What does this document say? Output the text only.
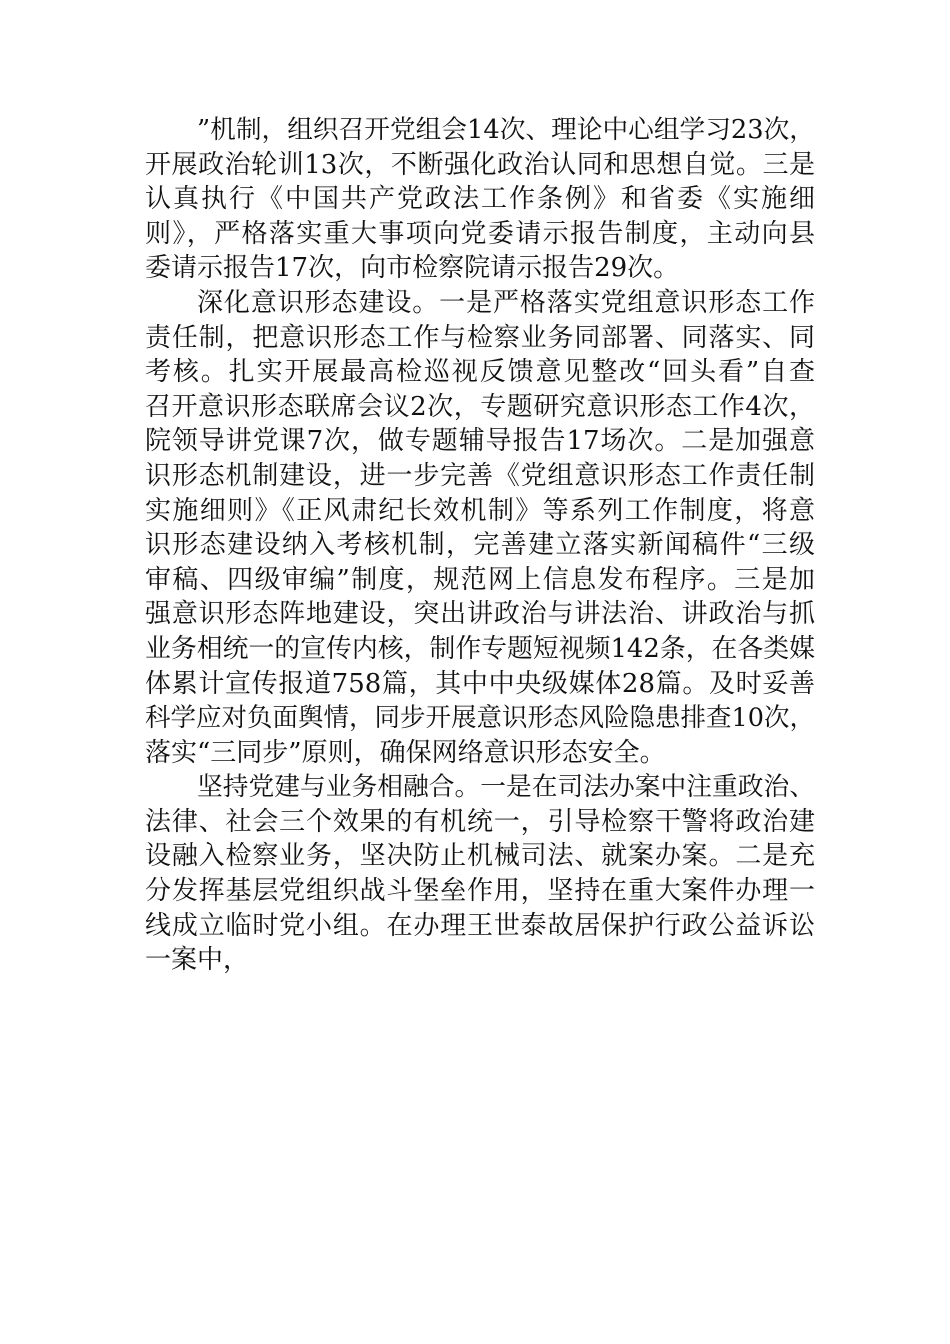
”机制，组织召开党组会14次、理论中心组学习23次，
开展政治轮训13次，不断强化政治认同和思想自觉。三是
认真执行《中国共产党政法工作条例》和省委《实施细
则》，严格落实重大事项向党委请示报告制度，主动向县
委请示报告17次，向市检察院请示报告29次。
深化意识形态建设。一是严格落实党组意识形态工作
责任制，把意识形态工作与检察业务同部署、同落实、同
考核。扎实开展最高检巡视反馈意见整改“回头看”自查
召开意识形态联席会议2次，专题研究意识形态工作4次，
院领导讲党课7次，做专题辅导报告17场次。二是加强意
识形态机制建设，进一步完善《党组意识形态工作责任制
实施细则》《正风肃纪长效机制》等系列工作制度，将意
识形态建设纳入考核机制，完善建立落实新闻稿件“三级
审稿、四级审编”制度，规范网上信息发布程序。三是加
强意识形态阵地建设，突出讲政治与讲法治、讲政治与抓
业务相统一的宣传内核，制作专题短视频142条，在各类媒
体累计宣传报道758篇，其中中央级媒体28篇。及时妥善
科学应对负面舆情，同步开展意识形态风险隐患排查10次，
落实“三同步”原则，确保网络意识形态安全。
坚持党建与业务相融合。一是在司法办案中注重政治、
法律、社会三个效果的有机统一，引导检察干警将政治建
设融入检察业务，坚决防止机械司法、就案办案。二是充
分发挥基层党组织战斗堡垒作用，坚持在重大案件办理一
线成立临时党小组。在办理王世泰故居保护行政公益诉讼
一案中，
